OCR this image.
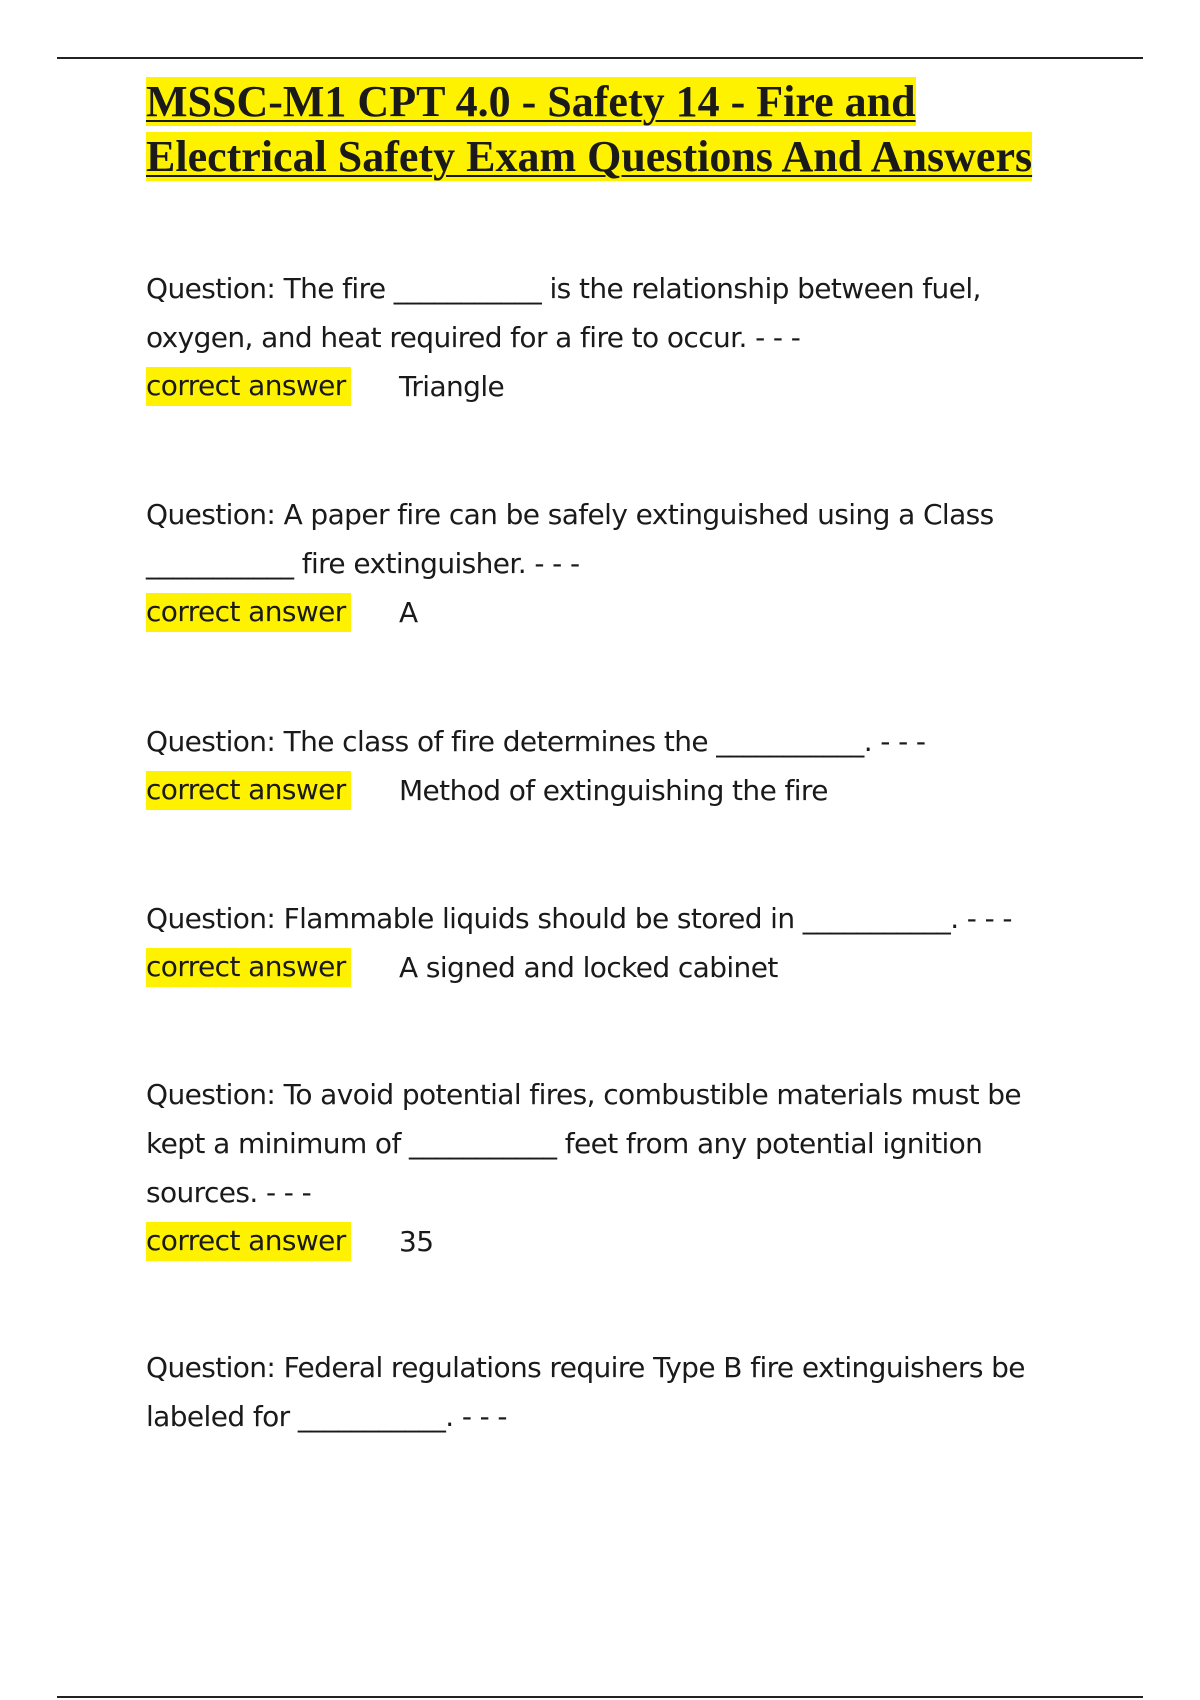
MSSC-M1 CPT 4.0 - Safety 14 - Fire and Electrical Safety Exam Questions And Answers

Question: The fire ___________ is the relationship between fuel, oxygen, and heat required for a fire to occur. - - -

correct answer Triangle

Question: A paper fire can be safely extinguished using a Class ___________ fire extinguisher. - - -

correct answer A

Question: The class of fire determines the ___________. - - -

correct answer Method of extinguishing the fire

Question: Flammable liquids should be stored in ___________. - - -

correct answer A signed and locked cabinet

Question: To avoid potential fires, combustible materials must be kept a minimum of ___________ feet from any potential ignition sources. - - -

correct answer 35

Question: Federal regulations require Type B fire extinguishers be labeled for ___________. - - -
